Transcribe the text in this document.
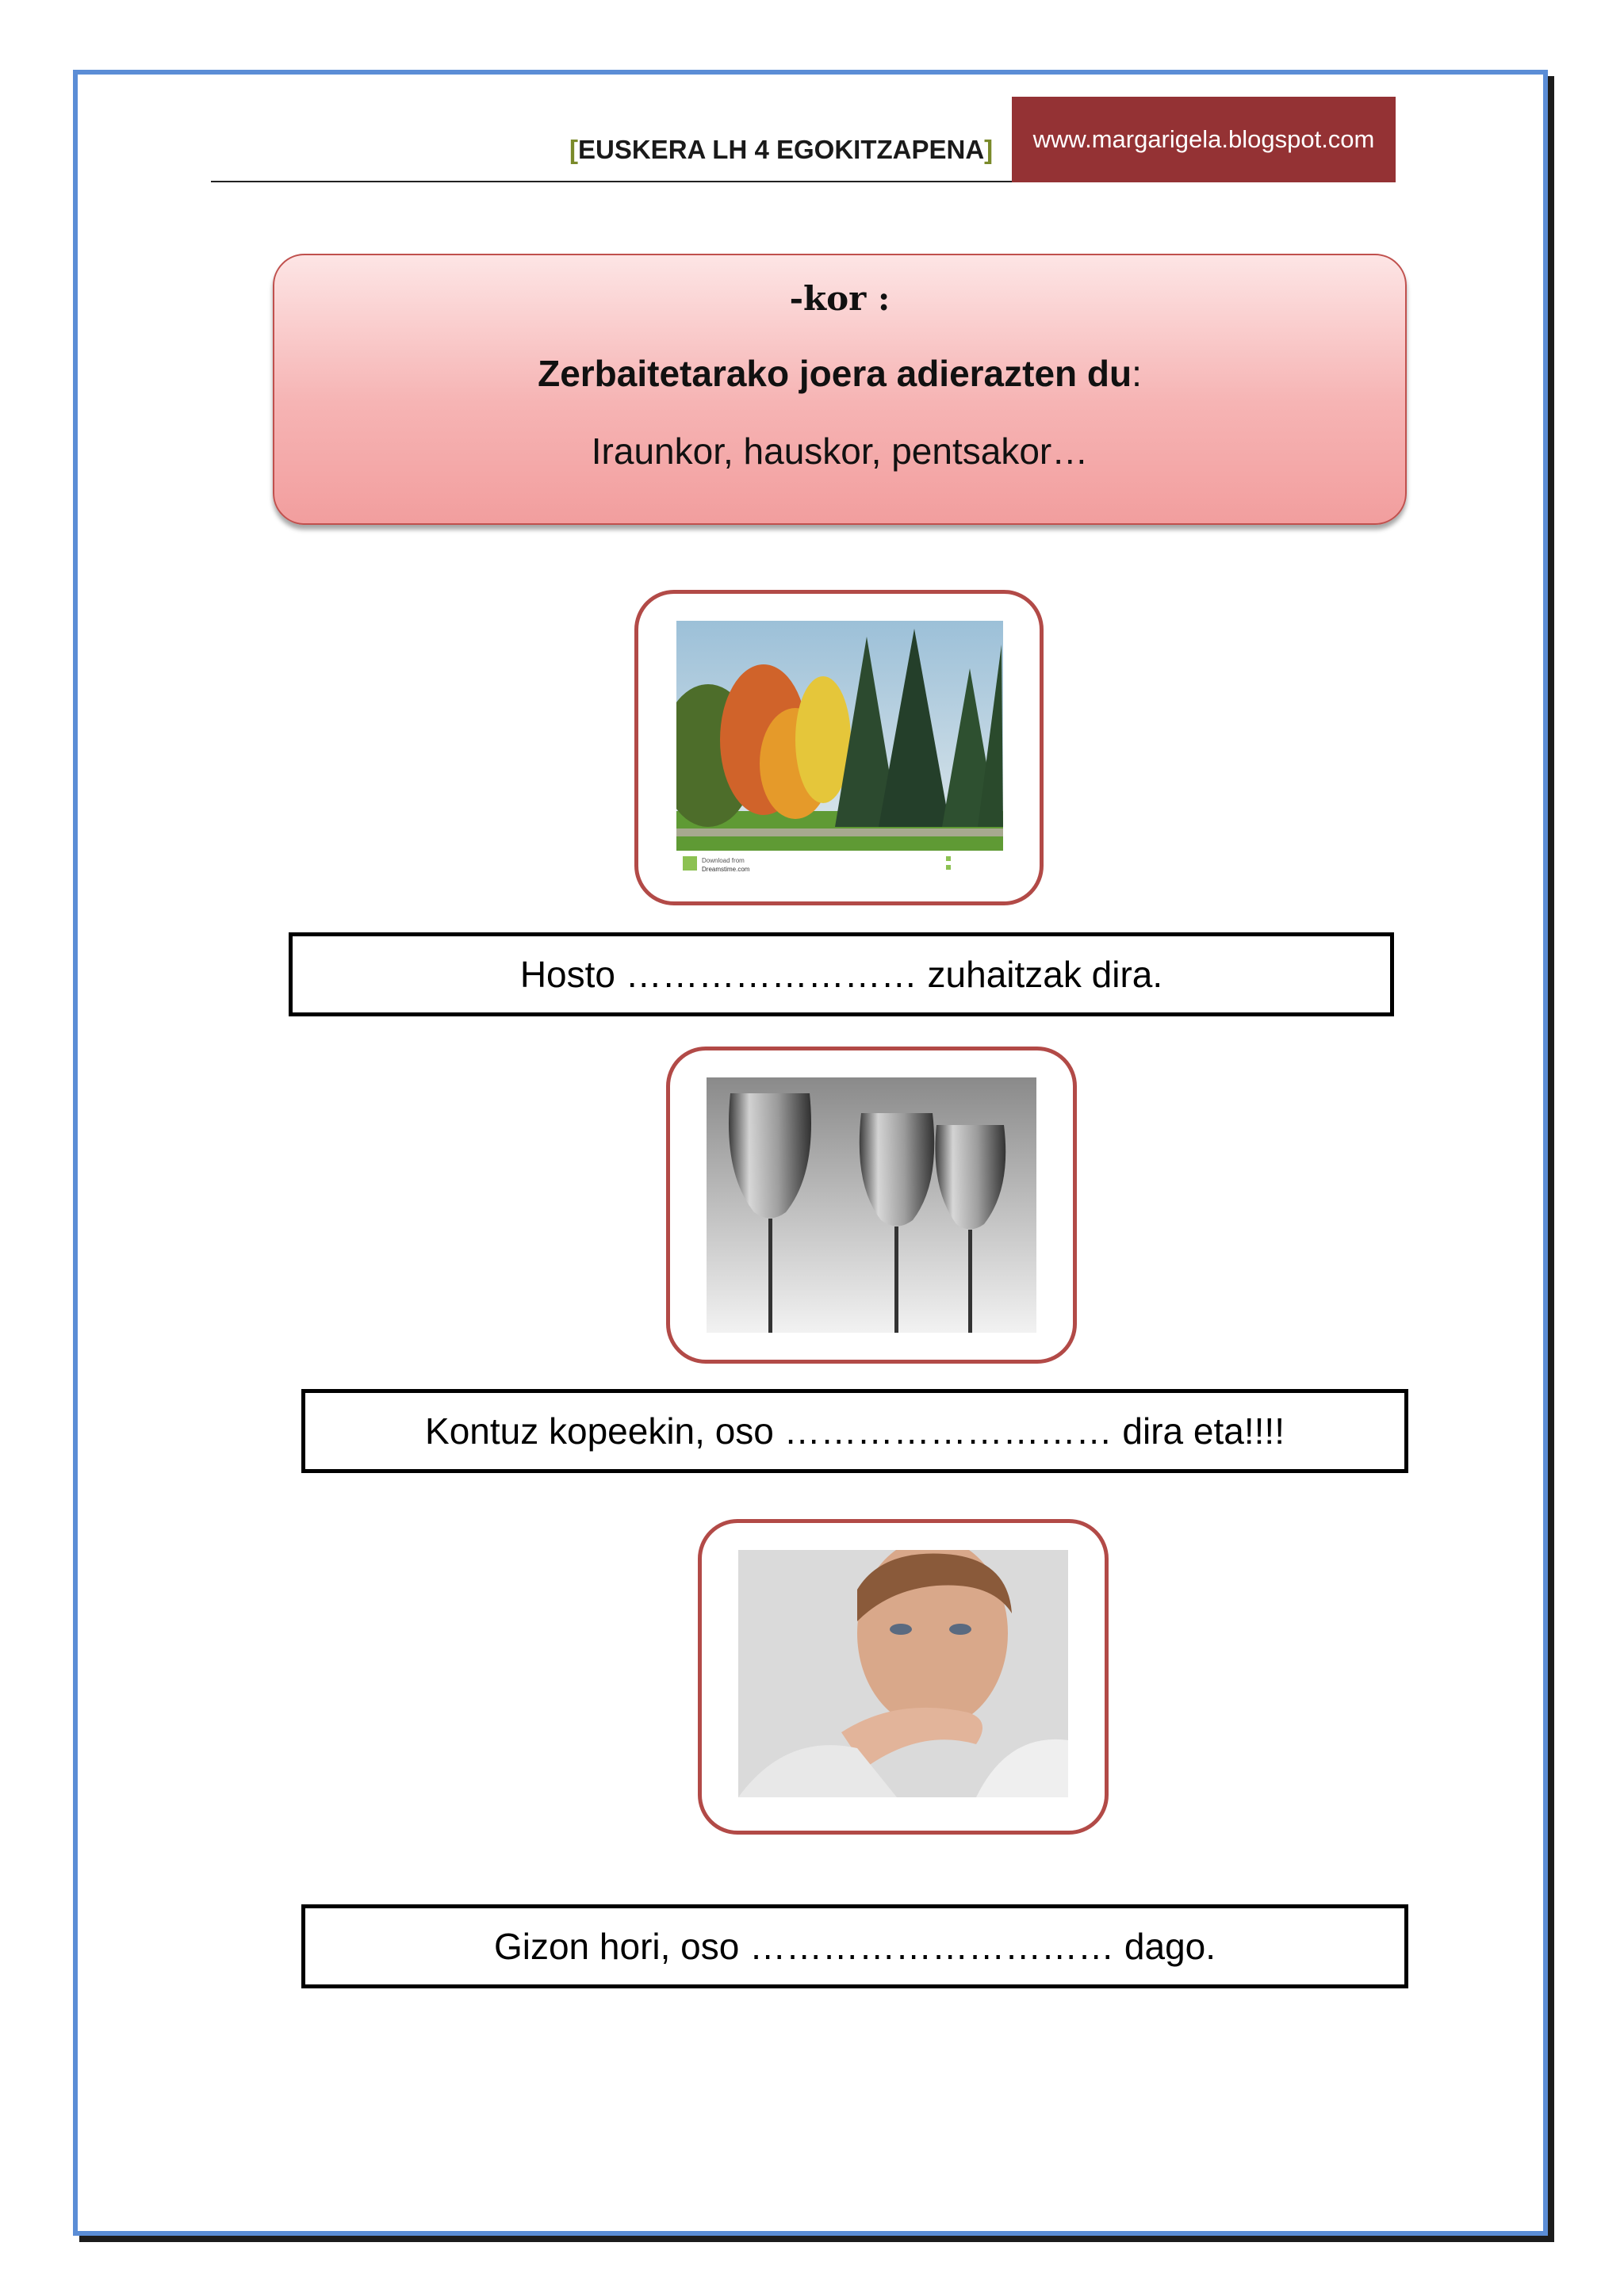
[EUSKERA LH 4 EGOKITZAPENA] www.margarigela.blogspot.com
-kor :
Zerbaitetarako joera adierazten du:
Iraunkor, hauskor, pentsakor…
Download from
Dreamstime.com
Hosto …………………… zuhaitzak dira.
Kontuz kopeekin, oso ……………………… dira eta!!!!
Gizon hori, oso ………………………… dago.
